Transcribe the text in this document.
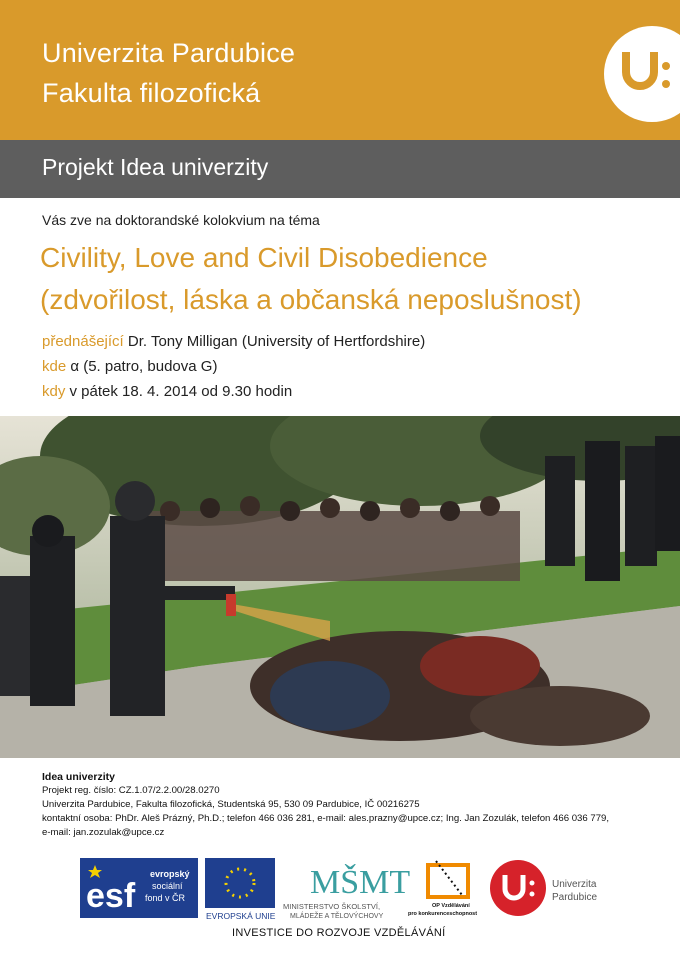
Univerzita Pardubice
Fakulta filozofická
Projekt Idea univerzity
Vás zve na doktorandské kolokvium na téma
Civility, Love and Civil Disobedience
(zdvořilost, láska a občanská neposlušnost)
přednášející Dr. Tony Milligan (University of Hertfordshire)
kde α (5. patro, budova G)
kdy v pátek 18. 4. 2014 od 9.30 hodin
Idea univerzity
Projekt reg. číslo: CZ.1.07/2.2.00/28.0270
Univerzita Pardubice, Fakulta filozofická, Studentská 95, 530 09 Pardubice, IČ 00216275
kontaktní osoba: PhDr. Aleš Prázný, Ph.D.; telefon 466 036 281, e-mail: ales.prazny@upce.cz; Ing. Jan Zozulák, telefon 466 036 779,
e-mail: jan.zozulak@upce.cz
esf
evropský
sociální
fond v ČR
EVROPSKÁ UNIE
MŠMT
MINISTERSTVO ŠKOLSTVÍ,
MLÁDEŽE A TĚLOVÝCHOVY
OP Vzdělávání
pro konkurenceschopnost
Univerzita
Pardubice
INVESTICE DO ROZVOJE VZDĚLÁVÁNÍ
